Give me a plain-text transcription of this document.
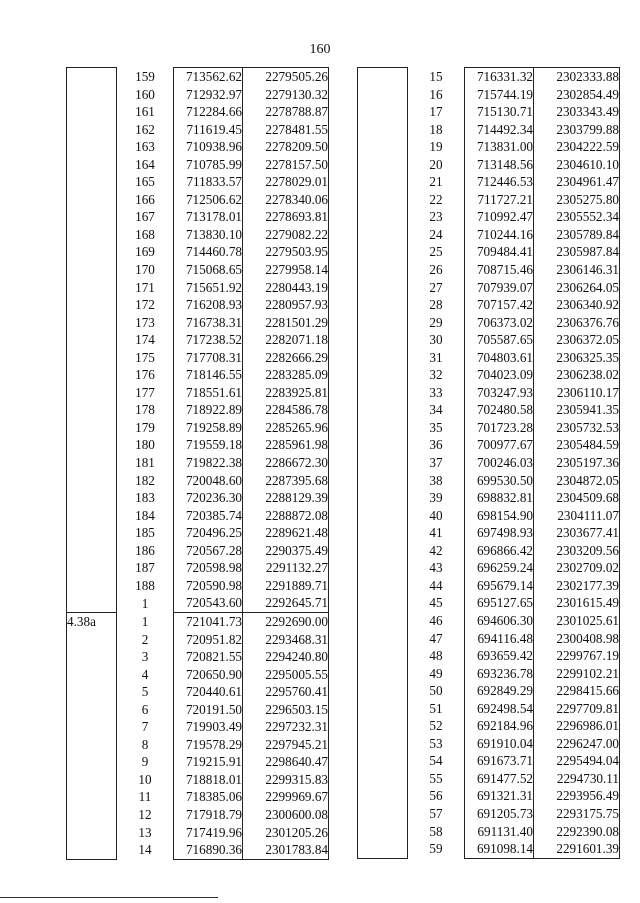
160
	159	713562.62	2279505.26
	160	712932.97	2279130.32
	161	712284.66	2278788.87
	162	711619.45	2278481.55
	163	710938.96	2278209.50
	164	710785.99	2278157.50
	165	711833.57	2278029.01
	166	712506.62	2278340.06
	167	713178.01	2278693.81
	168	713830.10	2279082.22
	169	714460.78	2279503.95
	170	715068.65	2279958.14
	171	715651.92	2280443.19
	172	716208.93	2280957.93
	173	716738.31	2281501.29
	174	717238.52	2282071.18
	175	717708.31	2282666.29
	176	718146.55	2283285.09
	177	718551.61	2283925.81
	178	718922.89	2284586.78
	179	719258.89	2285265.96
	180	719559.18	2285961.98
	181	719822.38	2286672.30
	182	720048.60	2287395.68
	183	720236.30	2288129.39
	184	720385.74	2288872.08
	185	720496.25	2289621.48
	186	720567.28	2290375.49
	187	720598.98	2291132.27
	188	720590.98	2291889.71
	1	720543.60	2292645.71
4.38a	1	721041.73	2292690.00
	2	720951.82	2293468.31
	3	720821.55	2294240.80
	4	720650.90	2295005.55
	5	720440.61	2295760.41
	6	720191.50	2296503.15
	7	719903.49	2297232.31
	8	719578.29	2297945.21
	9	719215.91	2298640.47
	10	718818.01	2299315.83
	11	718385.06	2299969.67
	12	717918.79	2300600.08
	13	717419.96	2301205.26
	14	716890.36	2301783.84
	15	716331.32	2302333.88
	16	715744.19	2302854.49
	17	715130.71	2303343.49
	18	714492.34	2303799.88
	19	713831.00	2304222.59
	20	713148.56	2304610.10
	21	712446.53	2304961.47
	22	711727.21	2305275.80
	23	710992.47	2305552.34
	24	710244.16	2305789.84
	25	709484.41	2305987.84
	26	708715.46	2306146.31
	27	707939.07	2306264.05
	28	707157.42	2306340.92
	29	706373.02	2306376.76
	30	705587.65	2306372.05
	31	704803.61	2306325.35
	32	704023.09	2306238.02
	33	703247.93	2306110.17
	34	702480.58	2305941.35
	35	701723.28	2305732.53
	36	700977.67	2305484.59
	37	700246.03	2305197.36
	38	699530.50	2304872.05
	39	698832.81	2304509.68
	40	698154.90	2304111.07
	41	697498.93	2303677.41
	42	696866.42	2303209.56
	43	696259.24	2302709.02
	44	695679.14	2302177.39
	45	695127.65	2301615.49
	46	694606.30	2301025.61
	47	694116.48	2300408.98
	48	693659.42	2299767.19
	49	693236.78	2299102.21
	50	692849.29	2298415.66
	51	692498.54	2297709.81
	52	692184.96	2296986.01
	53	691910.04	2296247.00
	54	691673.71	2295494.04
	55	691477.52	2294730.11
	56	691321.31	2293956.49
	57	691205.73	2293175.75
	58	691131.40	2292390.08
	59	691098.14	2291601.39
